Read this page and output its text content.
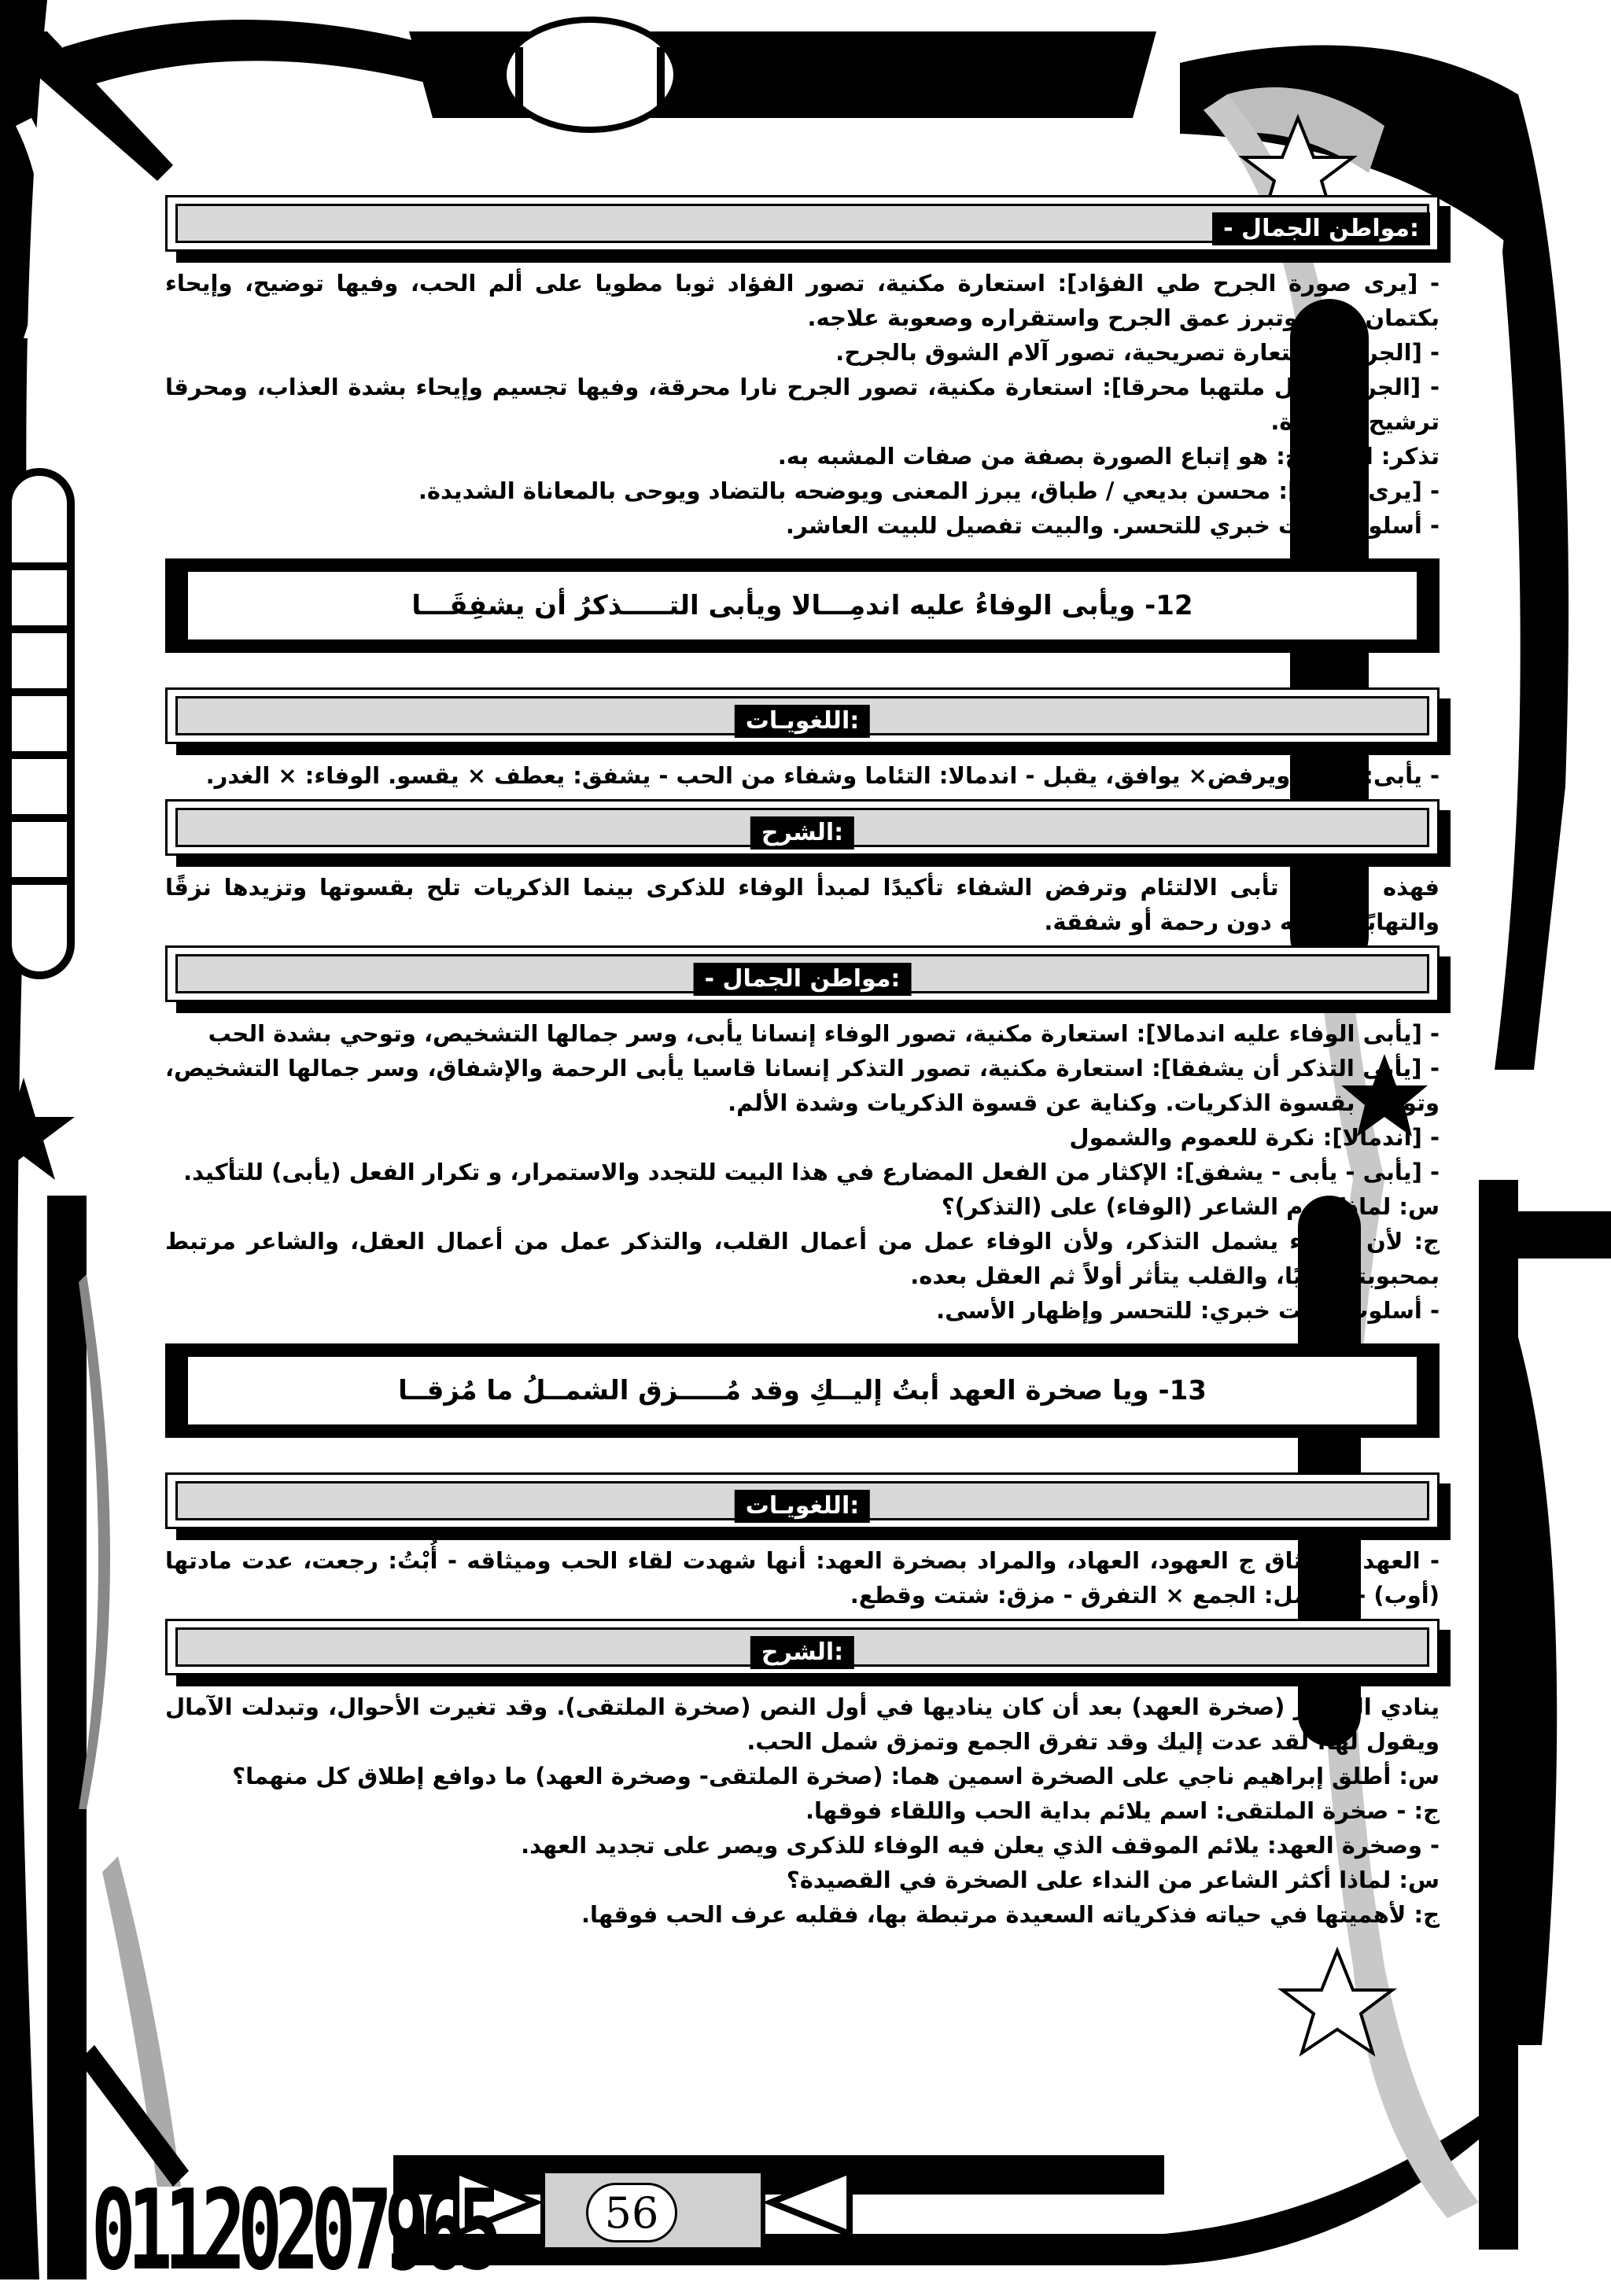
01120207965	56
:مواطن الجمال -

- [يرى صورة الجرح طي الفؤاد]: استعارة مكنية، تصور الفؤاد ثوبا مطويا على ألم الحب، وفيها توضيح، وإيحاء بكتمان الألم وتبرز عمق الجرح واستقراره وصعوبة علاجه.

- [الجرح]: استعارة تصريحية، تصور آلام الشوق بالجرح.

- [الجرح مازال ملتهبا محرقا]: استعارة مكنية، تصور الجرح نارا محرقة، وفيها تجسيم وإيحاء بشدة العذاب، ومحرقا ترشيح للصورة.

تذكر: الترشيح: هو إتباع الصورة بصفة من صفات المشبه به.

- [يرى - طي]: محسن بديعي / طباق، يبرز المعنى ويوضحه بالتضاد ويوحى بالمعاناة الشديدة.

- أسلوب البيت خبري للتحسر. والبيت تفصيل للبيت العاشر.

12- ويأبى الوفاءُ عليه اندمِـــالا ويأبى التـــــذكرُ أن يشفِقَـــا
:اللغويـات

- يأبى: يمتنع ويرفض× يوافق، يقبل - اندمالا: التئاما وشفاء من الحب - يشفق: يعطف × يقسو. الوفاء: × الغدر.

:الشرح

فهذه القلوب تأبى الالتئام وترفض الشفاء تأكيدًا لمبدأ الوفاء للذكرى بينما الذكريات تلح بقسوتها وتزيدها نزقًا والتهابًا وتعذبه دون رحمة أو شفقة.

:مواطن الجمال -

- [يأبى الوفاء عليه اندمالا]: استعارة مكنية، تصور الوفاء إنسانا يأبى، وسر جمالها التشخيص، وتوحي بشدة الحب

- [يأبى التذكر أن يشفقا]: استعارة مكنية، تصور التذكر إنسانا قاسيا يأبى الرحمة والإشفاق، وسر جمالها التشخيص، وتوحي بقسوة الذكريات. وكناية عن قسوة الذكريات وشدة الألم.

- [اندمالا]: نكرة للعموم والشمول

- [يأبى - يأبى - يشفق]: الإكثار من الفعل المضارع في هذا البيت للتجدد والاستمرار، و تكرار الفعل (يأبى) للتأكيد.

س: لماذا قدم الشاعر (الوفاء) على (التذكر)؟

ج: لأن الوفاء يشمل التذكر، ولأن الوفاء عمل من أعمال القلب، والتذكر عمل من أعمال العقل، والشاعر مرتبط بمحبوبته قلبيًا، والقلب يتأثر أولاً ثم العقل بعده.

- أسلوب البيت خبري: للتحسر وإظهار الأسى.

13- ويا صخرة العهد أبتُ إليــكِ وقد مُـــــزق الشمــلُ ما مُزقــا
:اللغويـات

- العهد: الميثاق ج العهود، العهاد، والمراد بصخرة العهد: أنها شهدت لقاء الحب وميثاقه - أُبْتُ: رجعت، عدت مادتها (أوب) - الشمل: الجمع × التفرق - مزق: شتت وقطع.

:الشرح

ينادي الشاعر (صخرة العهد) بعد أن كان يناديها في أول النص (صخرة الملتقى). وقد تغيرت الأحوال، وتبدلت الآمال ويقول لها: لقد عدت إليك وقد تفرق الجمع وتمزق شمل الحب.

س: أطلق إبراهيم ناجي على الصخرة اسمين هما: (صخرة الملتقى- وصخرة العهد) ما دوافع إطلاق كل منهما؟

ج: - صخرة الملتقى: اسم يلائم بداية الحب واللقاء فوقها.

- وصخرة العهد: يلائم الموقف الذي يعلن فيه الوفاء للذكرى ويصر على تجديد العهد.

س: لماذا أكثر الشاعر من النداء على الصخرة في القصيدة؟

ج: لأهميتها في حياته فذكرياته السعيدة مرتبطة بها، فقلبه عرف الحب فوقها.
